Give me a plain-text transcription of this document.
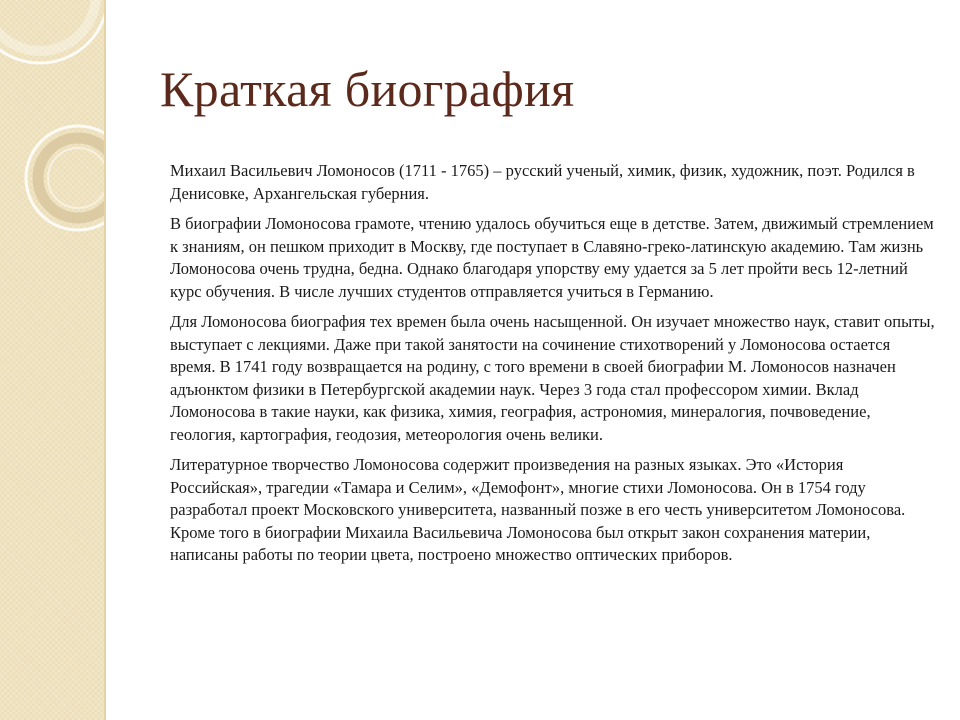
Краткая биография

Михаил Васильевич Ломоносов (1711 - 1765) – русский ученый, химик, физик, художник, поэт. Родился в Денисовке, Архангельская губерния.

В биографии Ломоносова грамоте, чтению удалось обучиться еще в детстве. Затем, движимый стремлением к знаниям, он пешком приходит в Москву, где поступает в Славяно-греко-латинскую академию. Там жизнь Ломоносова очень трудна, бедна. Однако благодаря упорству ему удается за 5 лет пройти весь 12-летний курс обучения. В числе лучших студентов отправляется учиться в Германию.

Для Ломоносова биография тех времен была очень насыщенной. Он изучает множество наук, ставит опыты, выступает с лекциями. Даже при такой занятости на сочинение стихотворений у Ломоносова остается время. В 1741 году возвращается на родину, с того времени в своей биографии М. Ломоносов назначен адъюнктом физики в Петербургской академии наук. Через 3 года стал профессором химии. Вклад Ломоносова в такие науки, как физика, химия, география, астрономия, минералогия, почвоведение, геология, картография, геодозия, метеорология очень велики.

Литературное творчество Ломоносова содержит произведения на разных языках. Это «История Российская», трагедии «Тамара и Селим», «Демофонт», многие стихи Ломоносова. Он в 1754 году разработал проект Московского университета, названный позже в его честь университетом Ломоносова. Кроме того в биографии Михаила Васильевича Ломоносова был открыт закон сохранения материи, написаны работы по теории цвета, построено множество оптических приборов.
